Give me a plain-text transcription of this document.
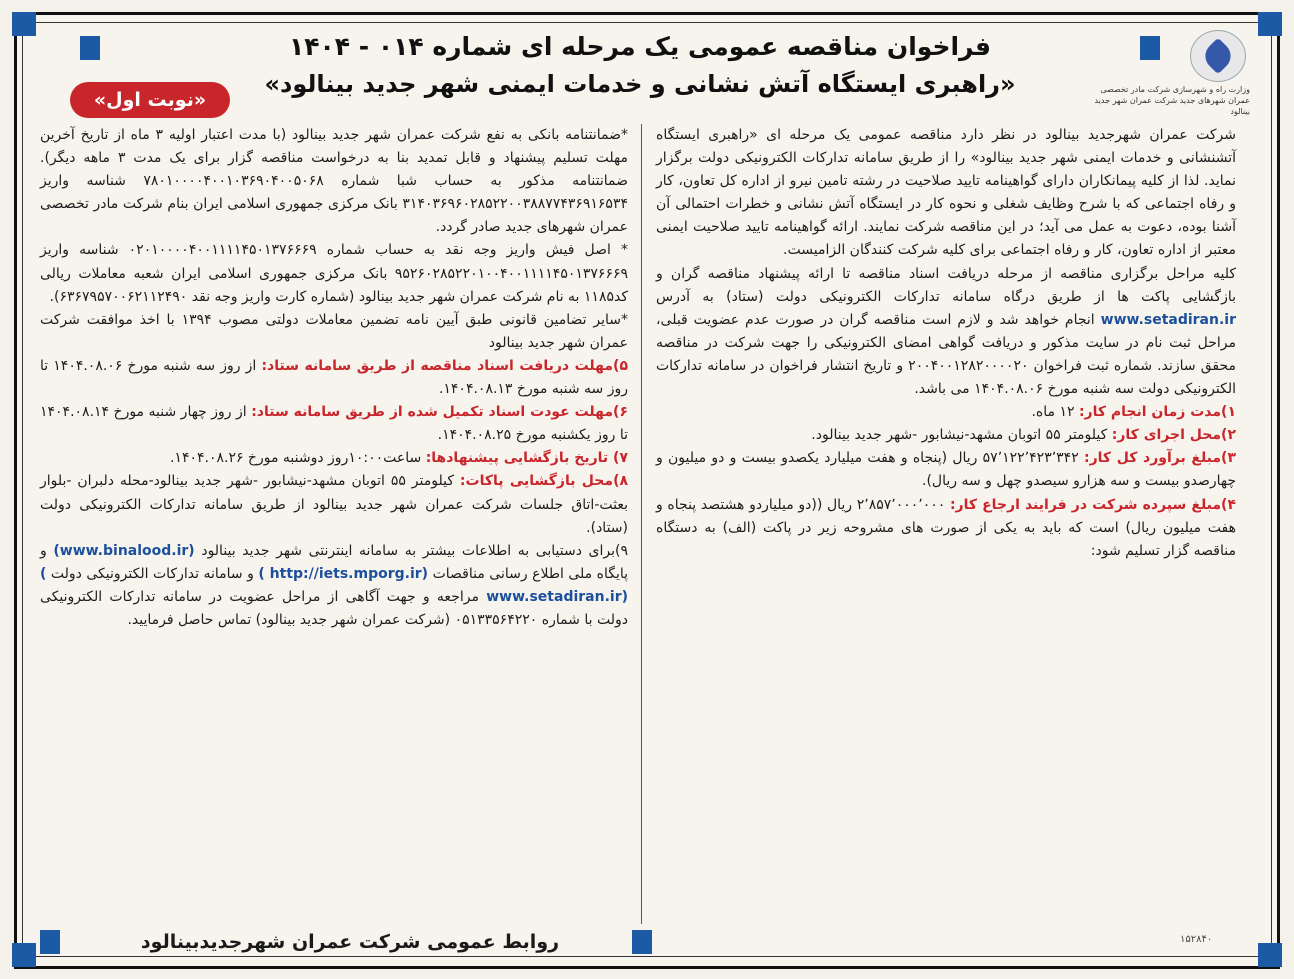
وزارت راه و شهرسازی شرکت مادر تخصصی عمران شهرهای جدید شرکت عمران شهر جدید بینالود
فراخوان مناقصه عمومی یک مرحله ای شماره ۰۱۴ - ۱۴۰۴
«راهبری ایستگاه آتش نشانی و خدمات ایمنی شهر جدید بینالود»
«نوبت اول»

شرکت عمران شهرجدید بینالود در نظر دارد مناقصه عمومی یک مرحله ای «راهبری ایستگاه آتشنشانی و خدمات ایمنی شهر جدید بینالود» را از طریق سامانه تدارکات الکترونیکی دولت برگزار نماید. لذا از کلیه پیمانکاران دارای گواهینامه تایید صلاحیت در رشته تامین نیرو از اداره کل تعاون، کار و رفاه اجتماعی که با شرح وظایف شغلی و نحوه کار در ایستگاه آتش نشانی و خطرات احتمالی آن آشنا بوده، دعوت به عمل می آید؛ در این مناقصه شرکت نمایند. ارائه گواهینامه تایید صلاحیت ایمنی معتبر از اداره تعاون، کار و رفاه اجتماعی برای کلیه شرکت کنندگان الزامیست.

کلیه مراحل برگزاری مناقصه از مرحله دریافت اسناد مناقصه تا ارائه پیشنهاد مناقصه گران و بازگشایی پاکت ها از طریق درگاه سامانه تدارکات الکترونیکی دولت (ستاد) به آدرس www.setadiran.ir انجام خواهد شد و لازم است مناقصه گران در صورت عدم عضویت قبلی، مراحل ثبت نام در سایت مذکور و دریافت گواهی امضای الکترونیکی را جهت شرکت در مناقصه محقق سازند. شماره ثبت فراخوان ۲۰۰۴۰۰۱۲۸۲۰۰۰۰۲۰ و تاریخ انتشار فراخوان در سامانه تدارکات الکترونیکی دولت سه شنبه مورخ ۱۴۰۴.۰۸.۰۶ می باشد.

۱)مدت زمان انجام کار: ۱۲ ماه.

۲)محل اجرای کار: کیلومتر ۵۵ اتوبان مشهد-نیشابور -شهر جدید بینالود.

۳)مبلغ برآورد کل کار: ۵۷٬۱۲۲٬۴۲۳٬۳۴۲ ریال (پنجاه و هفت میلیارد یکصدو بیست و دو میلیون و چهارصدو بیست و سه هزارو سیصدو چهل و سه ریال).

۴)مبلغ سپرده شرکت در فرایند ارجاع کار: ۲٬۸۵۷٬۰۰۰٬۰۰۰ ریال ((دو میلیاردو هشتصد پنجاه و هفت میلیون ریال) است که باید به یکی از صورت های مشروحه زیر در پاکت (الف) به دستگاه مناقصه گزار تسلیم شود:

*ضمانتنامه بانکی به نفع شرکت عمران شهر جدید بینالود (با مدت اعتبار اولیه ۳ ماه از تاریخ آخرین مهلت تسلیم پیشنهاد و قابل تمدید بنا به درخواست مناقصه گزار برای یک مدت ۳ ماهه دیگر). ضمانتنامه مذکور به حساب شبا شماره ۷۸۰۱۰۰۰۰۴۰۰۱۰۳۶۹۰۴۰۰۵۰۶۸ شناسه واریز ۳۱۴۰۳۶۹۶۰۲۸۵۲۲۰۰۳۸۸۷۷۴۳۶۹۱۶۵۳۴ بانک مرکزی جمهوری اسلامی ایران بنام شرکت مادر تخصصی عمران شهرهای جدید صادر گردد.

* اصل فیش واریز وجه نقد به حساب شماره ۰۲۰۱۰۰۰۰۴۰۰۱۱۱۱۴۵۰۱۳۷۶۶۶۹ شناسه واریز ۹۵۲۶۰۲۸۵۲۲۰۱۰۰۴۰۰۱۱۱۱۴۵۰۱۳۷۶۶۶۹ بانک مرکزی جمهوری اسلامی ایران شعبه معاملات ریالی کد۱۱۸۵ به نام شرکت عمران شهر جدید بینالود (شماره کارت واریز وجه نقد ۶۳۶۷۹۵۷۰۰۶۲۱۱۲۴۹۰).

*سایر تضامین قانونی طبق آیین نامه تضمین معاملات دولتی مصوب ۱۳۹۴ با اخذ موافقت شرکت عمران شهر جدید بینالود

۵)مهلت دریافت اسناد مناقصه از طریق سامانه ستاد: از روز سه شنبه مورخ ۱۴۰۴.۰۸.۰۶ تا روز سه شنبه مورخ ۱۴۰۴.۰۸.۱۳.

۶)مهلت عودت اسناد تکمیل شده از طریق سامانه ستاد: از روز چهار شنبه مورخ ۱۴۰۴.۰۸.۱۴ تا روز یکشنبه مورخ ۱۴۰۴.۰۸.۲۵.

۷) تاریخ بازگشایی پیشنهادها: ساعت۱۰:۰۰روز دوشنبه مورخ ۱۴۰۴.۰۸.۲۶.

۸)محل بازگشایی پاکات: کیلومتر ۵۵ اتوبان مشهد-نیشابور -شهر جدید بینالود-محله دلبران -بلوار بعثت-اتاق جلسات شرکت عمران شهر جدید بینالود از طریق سامانه تدارکات الکترونیکی دولت (ستاد).

۹)برای دستیابی به اطلاعات بیشتر به سامانه اینترنتی شهر جدید بینالود (www.binalood.ir) و پایگاه ملی اطلاع رسانی مناقصات ( http://iets.mporg.ir) و سامانه تدارکات الکترونیکی دولت ( www.setadiran.ir) مراجعه و جهت آگاهی از مراحل عضویت در سامانه تدارکات الکترونیکی دولت با شماره ۰۵۱۳۳۵۶۴۲۲۰ (شرکت عمران شهر جدید بینالود) تماس حاصل فرمایید.

روابط عمومی شرکت عمران شهرجدیدبینالود	۱۵۲۸۴۰
